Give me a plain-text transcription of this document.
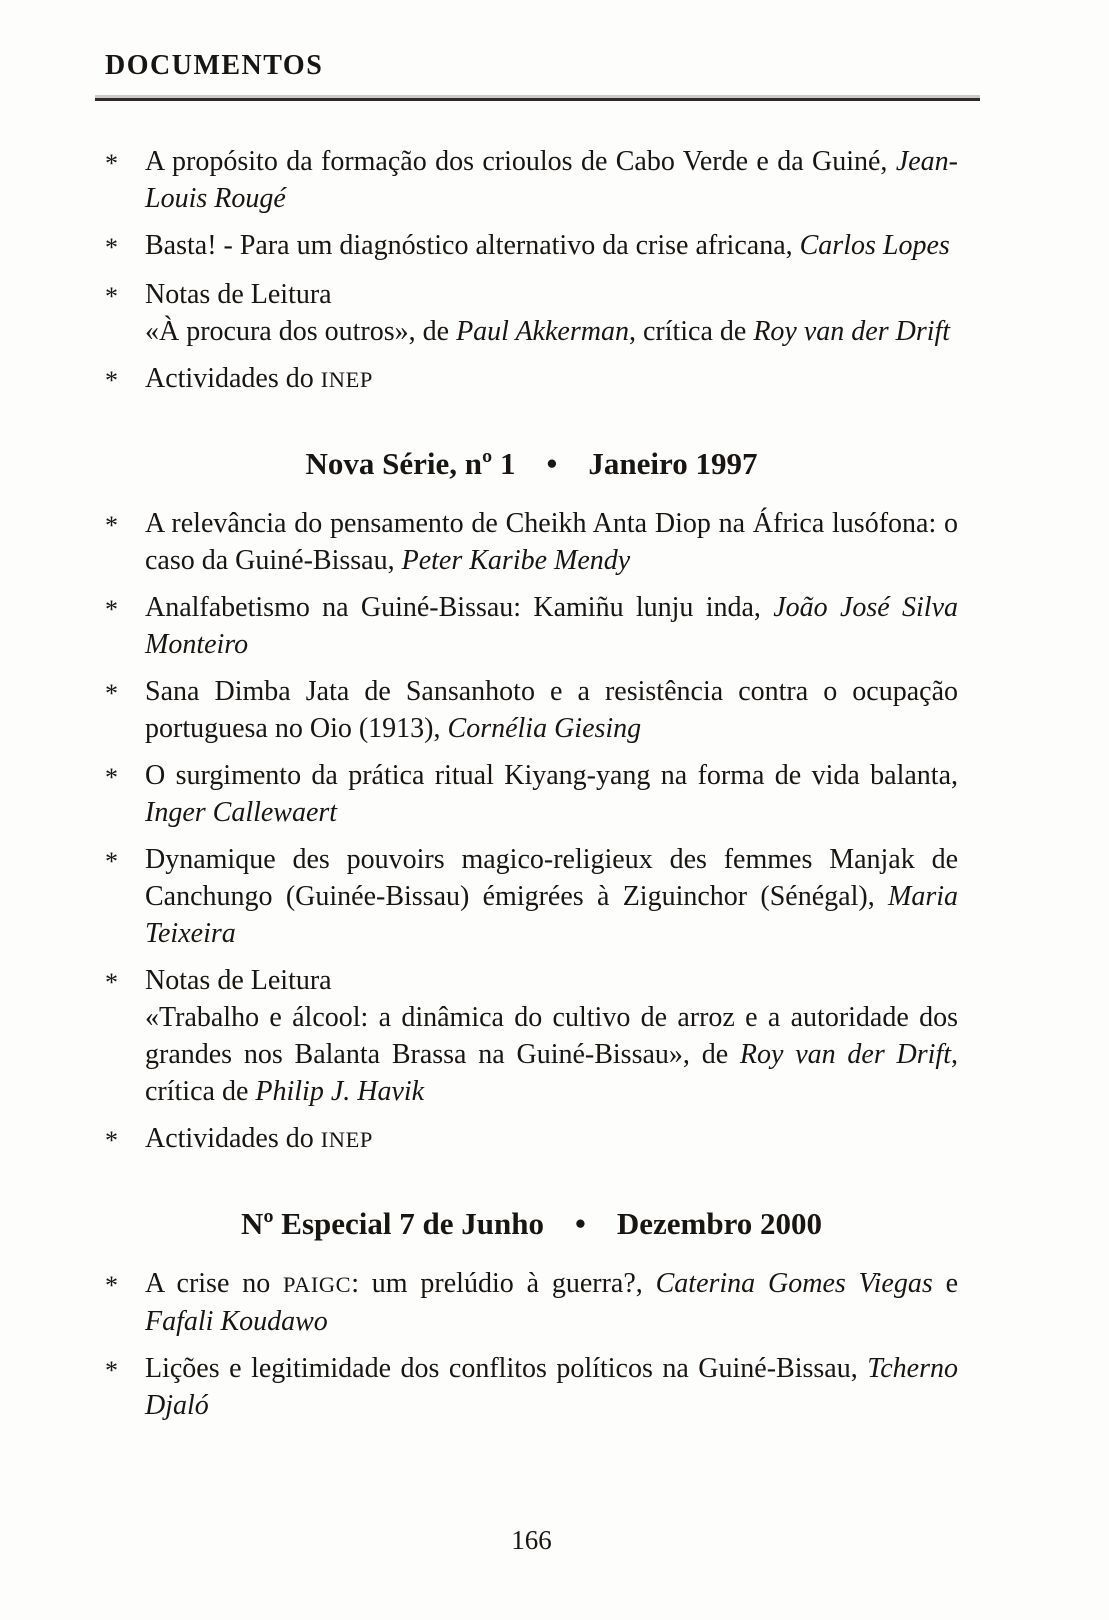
DOCUMENTOS
* A propósito da formação dos crioulos de Cabo Verde e da Guiné, Jean-Louis Rougé

* Basta! - Para um diagnóstico alternativo da crise africana, Carlos Lopes

* Notas de Leitura
«À procura dos outros», de Paul Akkerman, crítica de Roy van der Drift

* Actividades do INEP

Nova Série, nº 1 • Janeiro 1997
* A relevância do pensamento de Cheikh Anta Diop na África lusófona: o caso da Guiné-Bissau, Peter Karibe Mendy

* Analfabetismo na Guiné-Bissau: Kamiñu lunju inda, João José Silva Monteiro

* Sana Dimba Jata de Sansanhoto e a resistência contra o ocupação portuguesa no Oio (1913), Cornélia Giesing

* O surgimento da prática ritual Kiyang-yang na forma de vida balanta, Inger Callewaert

* Dynamique des pouvoirs magico-religieux des femmes Manjak de Canchungo (Guinée-Bissau) émigrées à Ziguinchor (Sénégal), Maria Teixeira

* Notas de Leitura
«Trabalho e álcool: a dinâmica do cultivo de arroz e a autoridade dos grandes nos Balanta Brassa na Guiné-Bissau», de Roy van der Drift, crítica de Philip J. Havik

* Actividades do INEP

Nº Especial 7 de Junho • Dezembro 2000
* A crise no PAIGC: um prelúdio à guerra?, Caterina Gomes Viegas e Fafali Koudawo

* Lições e legitimidade dos conflitos políticos na Guiné-Bissau, Tcherno Djaló

166
